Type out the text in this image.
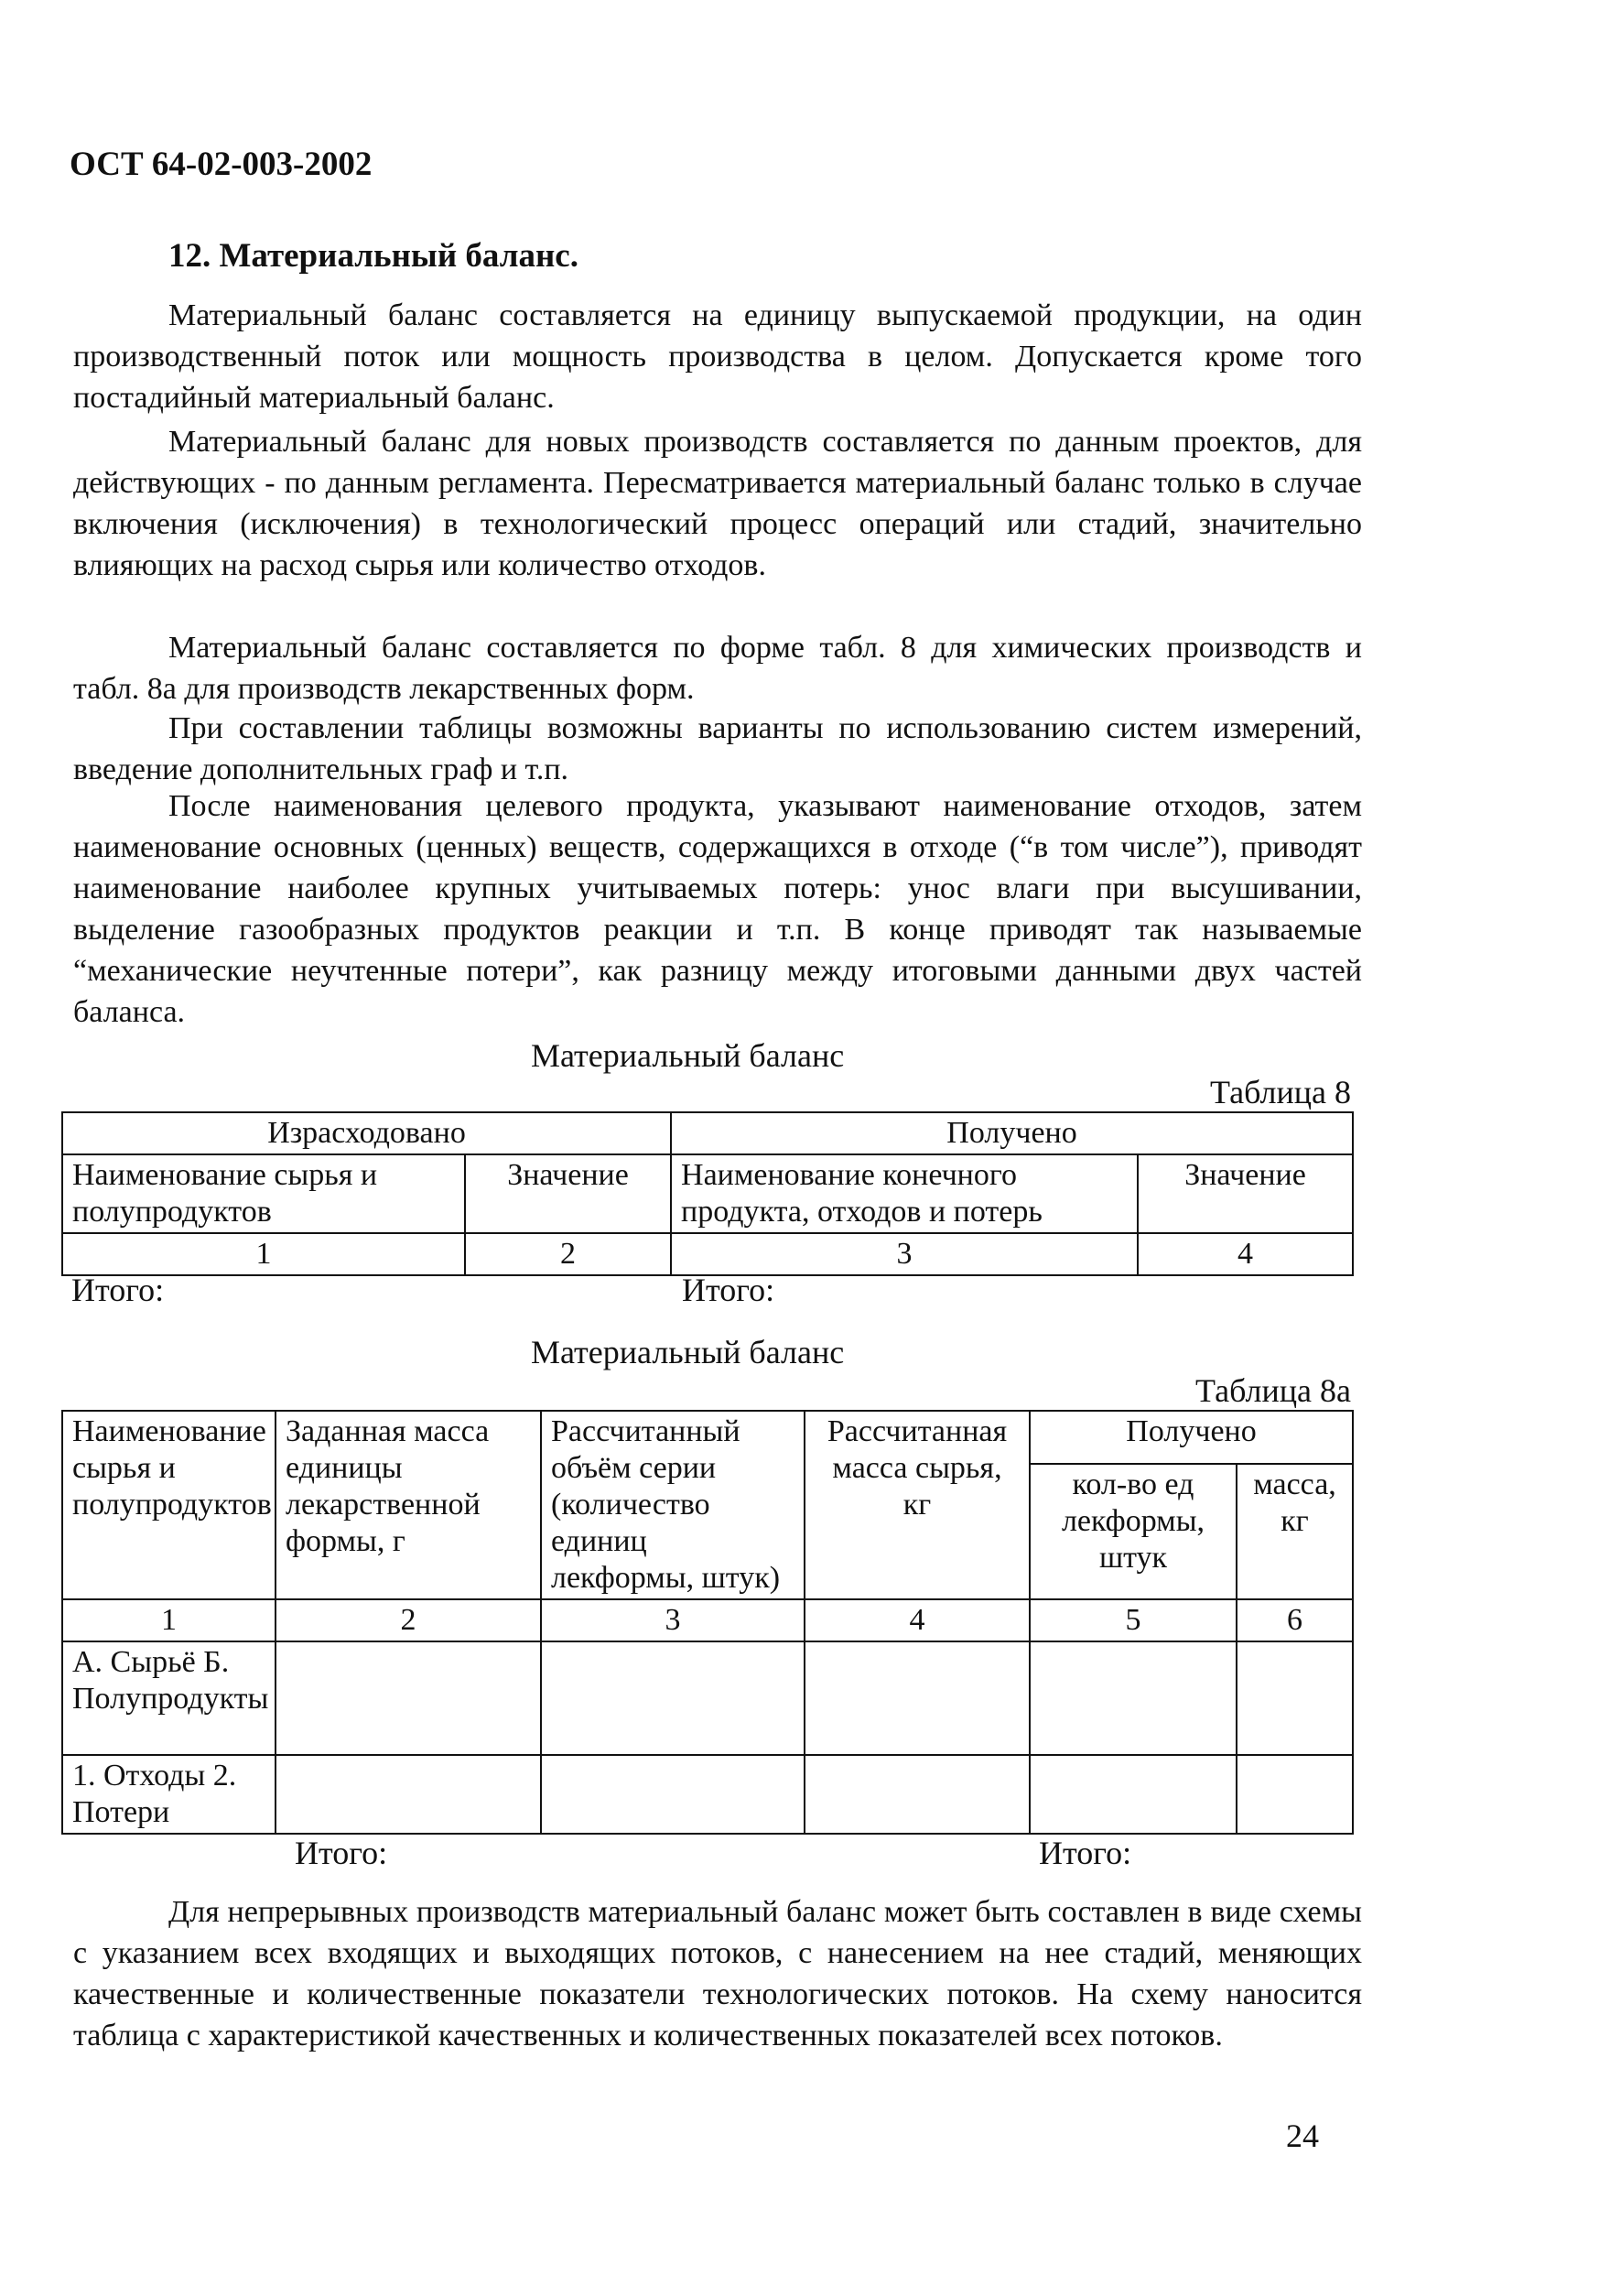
ОСТ 64-02-003-2002
12. Материальный баланс.

Материальный баланс составляется на единицу выпускаемой продукции, на один производственный поток или мощность производства в целом. Допускается кроме того постадийный материальный баланс.

Материальный баланс для новых производств составляется по данным проектов, для действующих - по данным регламента. Пересматривается материальный баланс только в случае включения (исключения) в технологический процесс операций или стадий, значительно влияющих на расход сырья или количество отходов.

Материальный баланс составляется по форме табл. 8 для химических производств и табл. 8а для производств лекарственных форм.

При составлении таблицы возможны варианты по использованию систем измерений, введение дополнительных граф и т.п.

После наименования целевого продукта, указывают наименование отходов, затем наименование основных (ценных) веществ, содержащихся в отходе (“в том числе”), приводят наименование наиболее крупных учитываемых потерь: унос влаги при высушивании, выделение газообразных продуктов реакции и т.п. В конце приводят так называемые “механические неучтенные потери”, как разницу между итоговыми данными двух частей баланса.

Материальный баланс
Таблица 8
Израсходовано		Получено	
Наименование сырья и полупродуктов	Значение	Наименование конечного продукта, отходов и потерь	Значение
1	2	3	4
Итого:	Итого:
Материальный баланс
Таблица 8а
Наименование сырья и полупродуктов	Заданная масса единицы лекарственной формы, г	Рассчитанный объём серии (количество единиц лекформы, штук)	Рассчитанная масса сырья, кг	Получено	
				кол-во ед лекформы, штук	масса, кг
1	2	3	4	5	6
А. Сырьё Б. Полупродукты					
1. Отходы 2. Потери					
Итого:	Итого:

Для непрерывных производств материальный баланс может быть составлен в виде схемы с указанием всех входящих и выходящих потоков, с нанесением на нее стадий, меняющих качественные и количественные показатели технологических потоков. На схему наносится таблица с характеристикой качественных и количественных показателей всех потоков.

24
